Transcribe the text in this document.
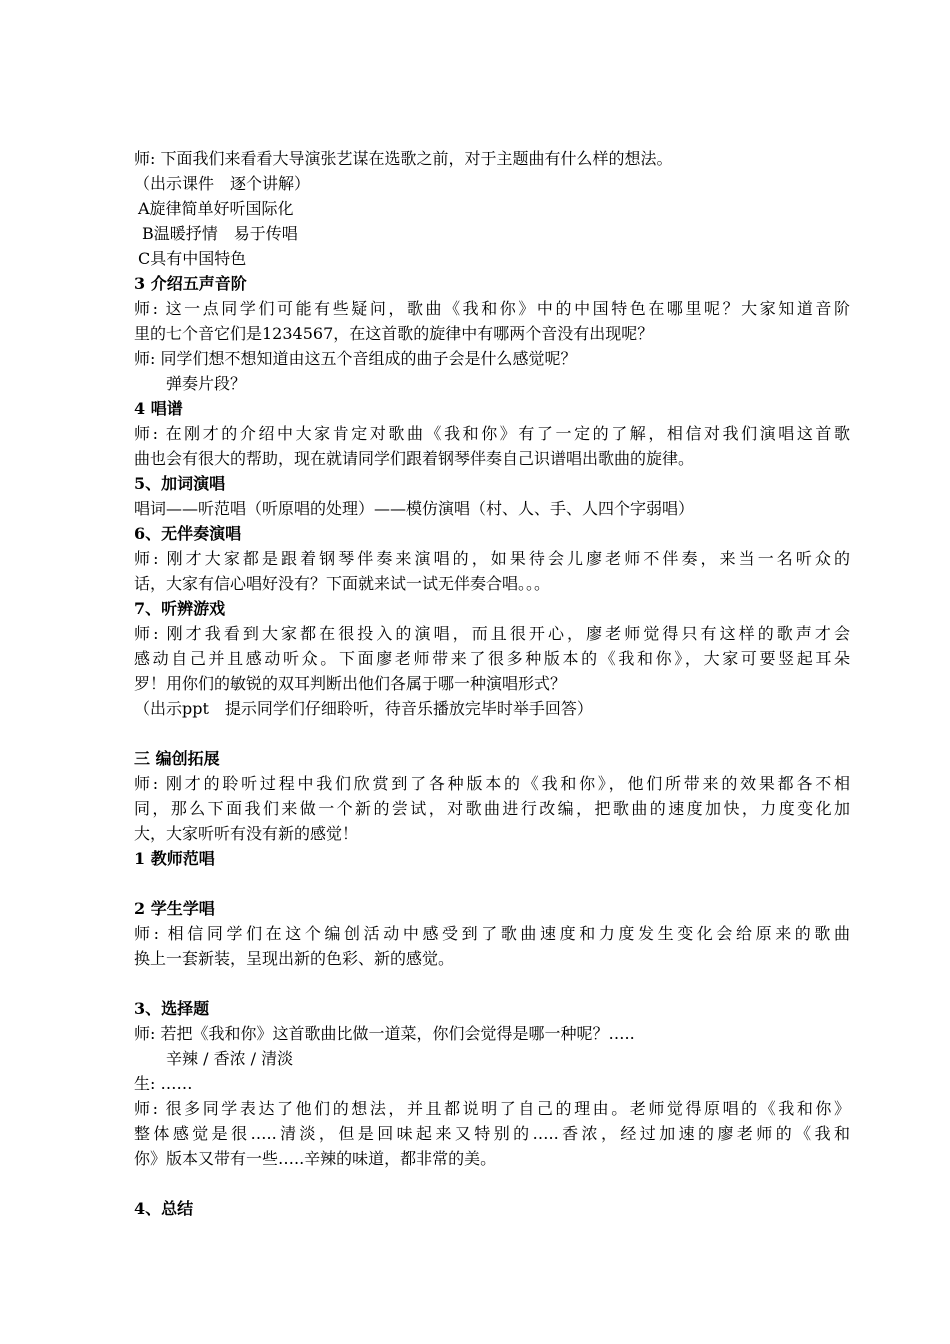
师: 下面我们来看看大导演张艺谋在选歌之前，对于主题曲有什么样的想法。
（出示课件　逐个讲解）
A旋律简单好听国际化
B温暖抒情　易于传唱
C具有中国特色
3 介绍五声音阶
师: 这一点同学们可能有些疑问，歌曲《我和你》中的中国特色在哪里呢？大家知道音阶
里的七个音它们是1234567，在这首歌的旋律中有哪两个音没有出现呢？
师: 同学们想不想知道由这五个音组成的曲子会是什么感觉呢？
弹奏片段？
4 唱谱
师: 在刚才的介绍中大家肯定对歌曲《我和你》有了一定的了解，相信对我们演唱这首歌
曲也会有很大的帮助，现在就请同学们跟着钢琴伴奏自己识谱唱出歌曲的旋律。
5、加词演唱
唱词——听范唱（听原唱的处理）——模仿演唱（村、人、手、人四个字弱唱）
6、无伴奏演唱
师: 刚才大家都是跟着钢琴伴奏来演唱的，如果待会儿廖老师不伴奏，来当一名听众的
话，大家有信心唱好没有？下面就来试一试无伴奏合唱。。。
7、听辨游戏
师: 刚才我看到大家都在很投入的演唱，而且很开心，廖老师觉得只有这样的歌声才会
感动自己并且感动听众。下面廖老师带来了很多种版本的《我和你》，大家可要竖起耳朵
罗！用你们的敏锐的双耳判断出他们各属于哪一种演唱形式？
（出示ppt　提示同学们仔细聆听，待音乐播放完毕时举手回答）
三 编创拓展
师: 刚才的聆听过程中我们欣赏到了各种版本的《我和你》，他们所带来的效果都各不相
同，那么下面我们来做一个新的尝试，对歌曲进行改编，把歌曲的速度加快，力度变化加
大，大家听听有没有新的感觉！
1 教师范唱
2 学生学唱
师: 相信同学们在这个编创活动中感受到了歌曲速度和力度发生变化会给原来的歌曲
换上一套新装，呈现出新的色彩、新的感觉。
3、选择题
师: 若把《我和你》这首歌曲比做一道菜，你们会觉得是哪一种呢？…..
辛辣 / 香浓 / 清淡
生: ……
师: 很多同学表达了他们的想法，并且都说明了自己的理由。老师觉得原唱的《我和你》
整体感觉是很…..清淡，但是回味起来又特别的…..香浓，经过加速的廖老师的《我和
你》版本又带有一些…..辛辣的味道，都非常的美。
4、总结
